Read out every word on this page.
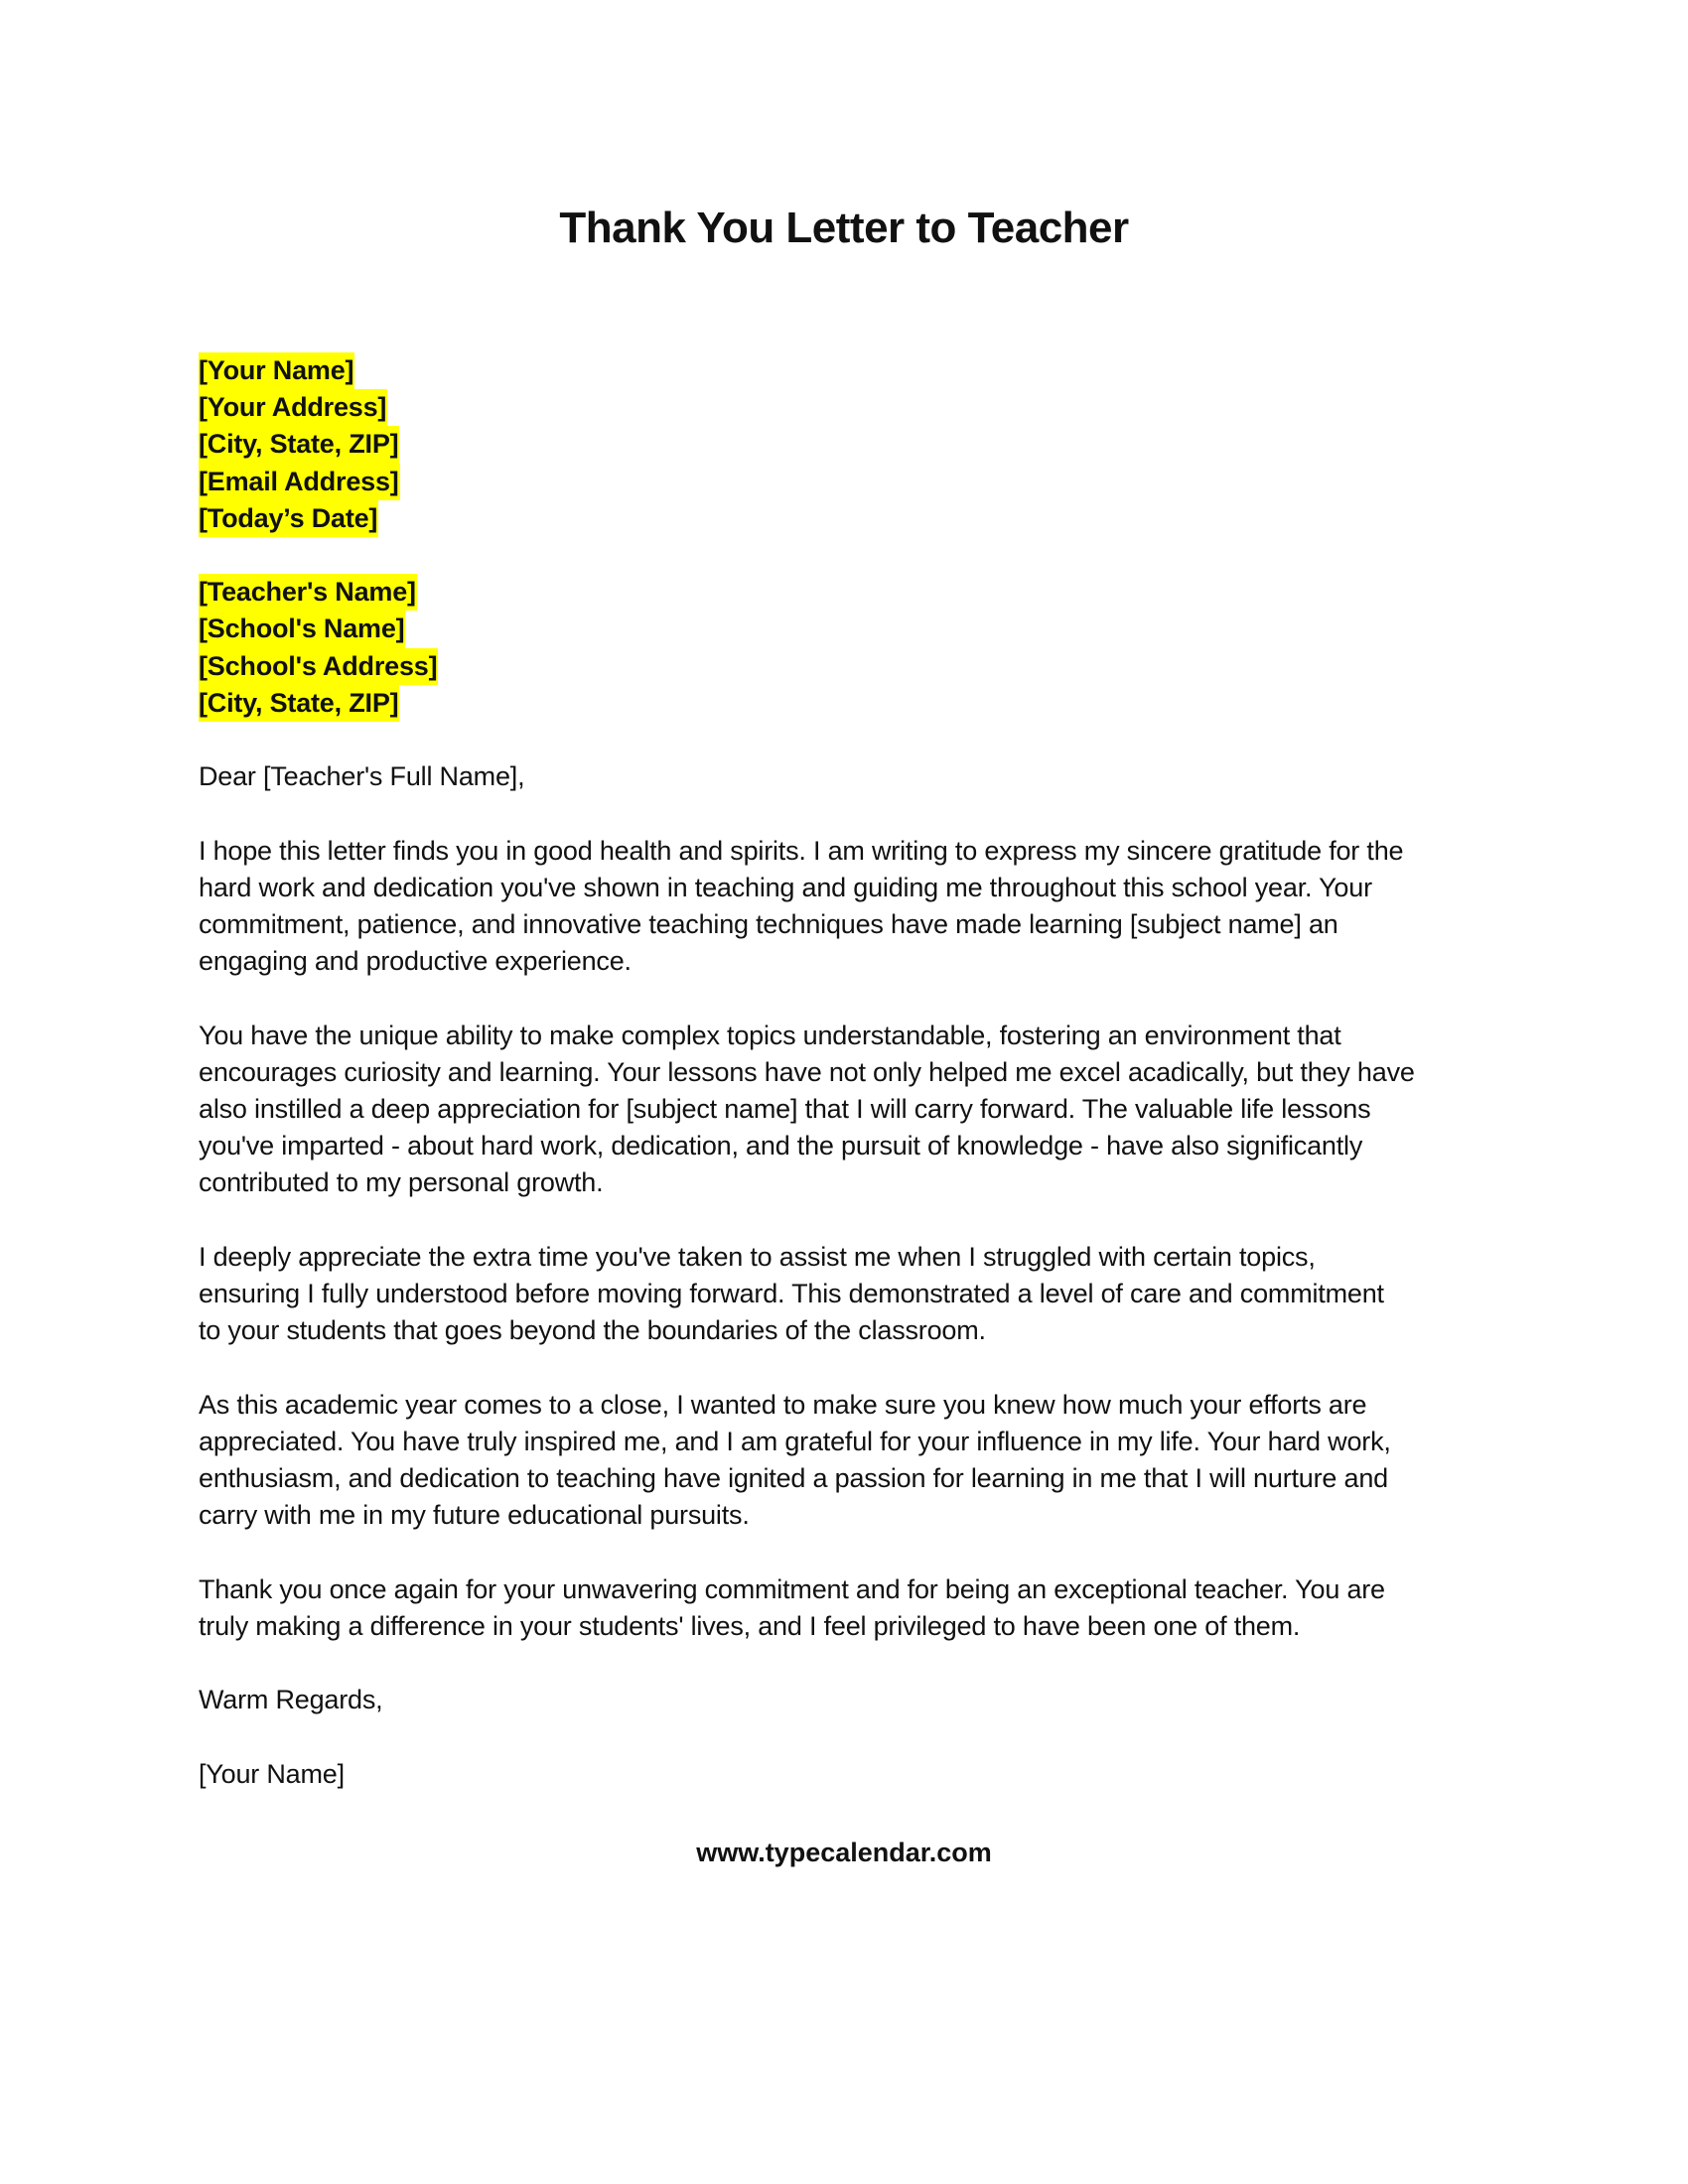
Thank You Letter to Teacher
[Your Name]
[Your Address]
[City, State, ZIP]
[Email Address]
[Today’s Date]
[Teacher's Name]
[School's Name]
[School's Address]
[City, State, ZIP]

Dear [Teacher's Full Name],

I hope this letter finds you in good health and spirits. I am writing to express my sincere gratitude for the
hard work and dedication you've shown in teaching and guiding me throughout this school year. Your
commitment, patience, and innovative teaching techniques have made learning [subject name] an
engaging and productive experience.

You have the unique ability to make complex topics understandable, fostering an environment that
encourages curiosity and learning. Your lessons have not only helped me excel acadically, but they have
also instilled a deep appreciation for [subject name] that I will carry forward. The valuable life lessons
you've imparted - about hard work, dedication, and the pursuit of knowledge - have also significantly
contributed to my personal growth.

I deeply appreciate the extra time you've taken to assist me when I struggled with certain topics,
ensuring I fully understood before moving forward. This demonstrated a level of care and commitment
to your students that goes beyond the boundaries of the classroom.

As this academic year comes to a close, I wanted to make sure you knew how much your efforts are
appreciated. You have truly inspired me, and I am grateful for your influence in my life. Your hard work,
enthusiasm, and dedication to teaching have ignited a passion for learning in me that I will nurture and
carry with me in my future educational pursuits.

Thank you once again for your unwavering commitment and for being an exceptional teacher. You are
truly making a difference in your students' lives, and I feel privileged to have been one of them.

Warm Regards,

[Your Name]

www.typecalendar.com
